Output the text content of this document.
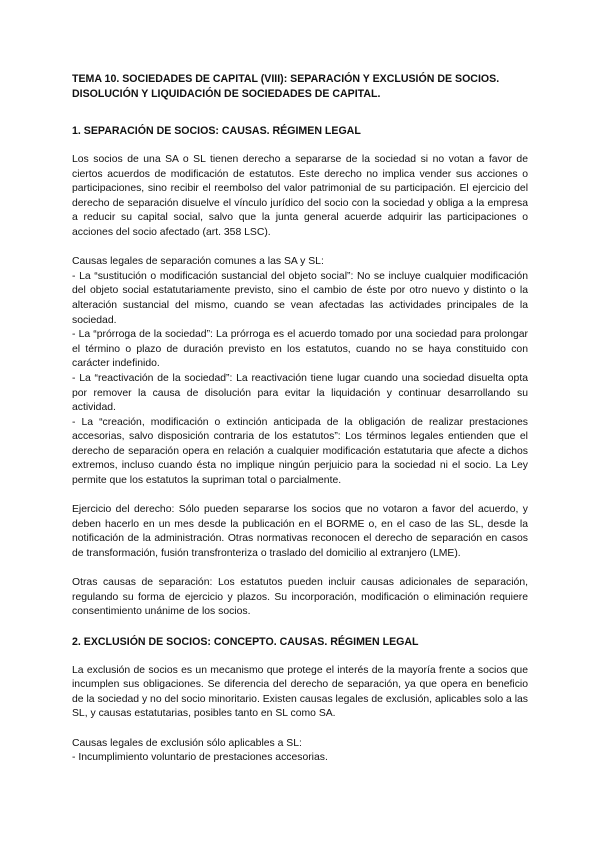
TEMA 10. SOCIEDADES DE CAPITAL (VIII): SEPARACIÓN Y EXCLUSIÓN DE SOCIOS.
DISOLUCIÓN Y LIQUIDACIÓN DE SOCIEDADES DE CAPITAL.
1. SEPARACIÓN DE SOCIOS: CAUSAS. RÉGIMEN LEGAL

Los socios de una SA o SL tienen derecho a separarse de la sociedad si no votan a favor de ciertos acuerdos de modificación de estatutos. Este derecho no implica vender sus acciones o participaciones, sino recibir el reembolso del valor patrimonial de su participación. El ejercicio del derecho de separación disuelve el vínculo jurídico del socio con la sociedad y obliga a la empresa a reducir su capital social, salvo que la junta general acuerde adquirir las participaciones o acciones del socio afectado (art. 358 LSC).

Causas legales de separación comunes a las SA y SL:
- La “sustitución o modificación sustancial del objeto social”: No se incluye cualquier modificación del objeto social estatutariamente previsto, sino el cambio de éste por otro nuevo y distinto o la alteración sustancial del mismo, cuando se vean afectadas las actividades principales de la sociedad.
- La “prórroga de la sociedad”: La prórroga es el acuerdo tomado por una sociedad para prolongar el término o plazo de duración previsto en los estatutos, cuando no se haya constituido con carácter indefinido.
- La “reactivación de la sociedad”: La reactivación tiene lugar cuando una sociedad disuelta opta por remover la causa de disolución para evitar la liquidación y continuar desarrollando su actividad.
- La “creación, modificación o extinción anticipada de la obligación de realizar prestaciones accesorias, salvo disposición contraria de los estatutos”: Los términos legales entienden que el derecho de separación opera en relación a cualquier modificación estatutaria que afecte a dichos extremos, incluso cuando ésta no implique ningún perjuicio para la sociedad ni el socio. La Ley permite que los estatutos la supriman total o parcialmente.

Ejercicio del derecho: Sólo pueden separarse los socios que no votaron a favor del acuerdo, y deben hacerlo en un mes desde la publicación en el BORME o, en el caso de las SL, desde la notificación de la administración. Otras normativas reconocen el derecho de separación en casos de transformación, fusión transfronteriza o traslado del domicilio al extranjero (LME).

Otras causas de separación: Los estatutos pueden incluir causas adicionales de separación, regulando su forma de ejercicio y plazos. Su incorporación, modificación o eliminación requiere consentimiento unánime de los socios.

2. EXCLUSIÓN DE SOCIOS: CONCEPTO. CAUSAS. RÉGIMEN LEGAL

La exclusión de socios es un mecanismo que protege el interés de la mayoría frente a socios que incumplen sus obligaciones. Se diferencia del derecho de separación, ya que opera en beneficio de la sociedad y no del socio minoritario. Existen causas legales de exclusión, aplicables solo a las SL, y causas estatutarias, posibles tanto en SL como SA.

Causas legales de exclusión sólo aplicables a SL:
- Incumplimiento voluntario de prestaciones accesorias.
